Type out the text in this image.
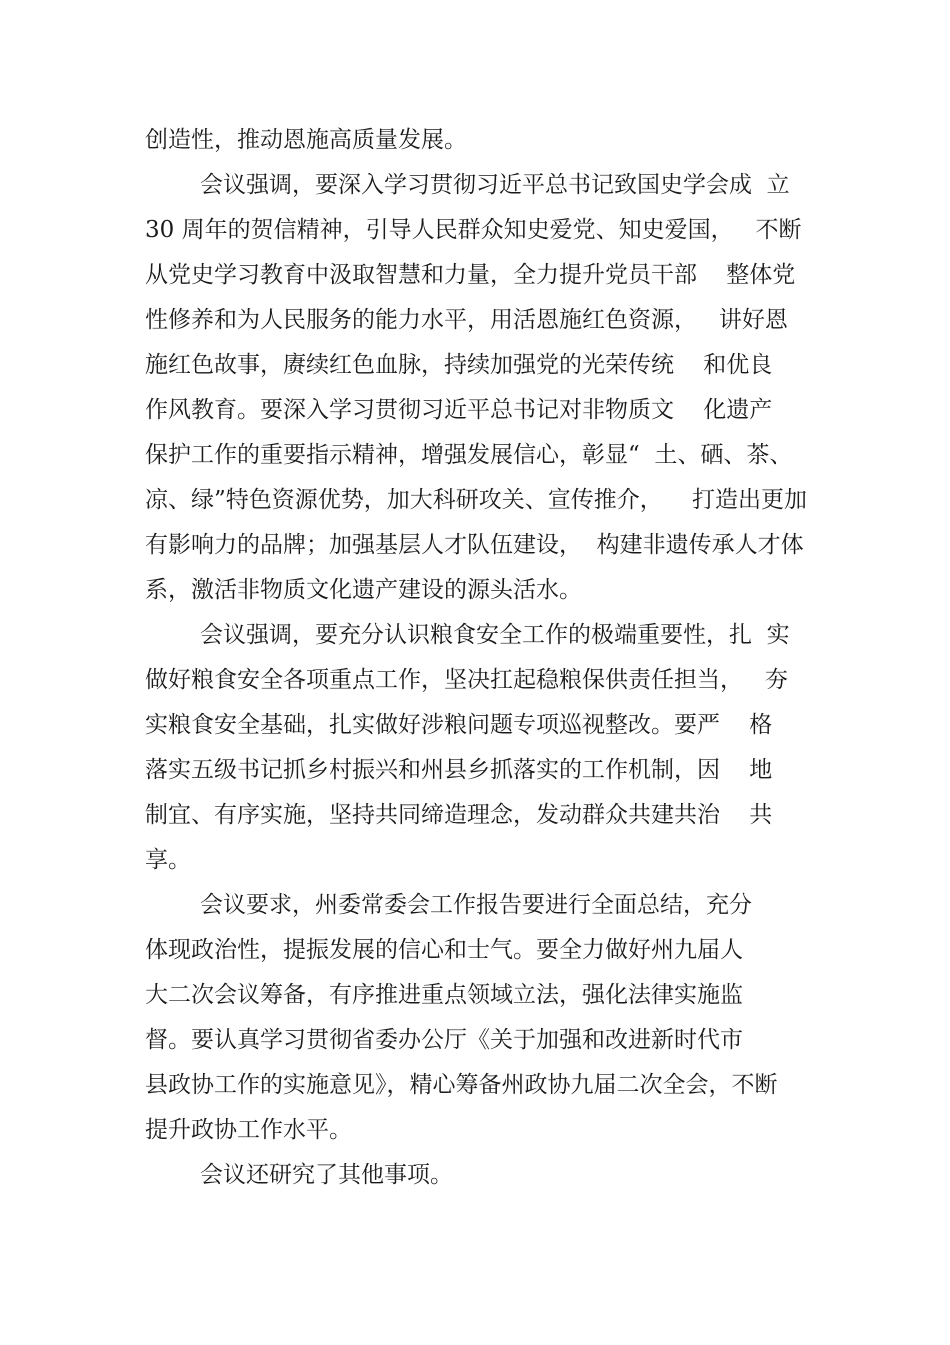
创造性，推动恩施高质量发展。
会议强调，要深入学习贯彻习近平总书记致国史学会成  立
30 周年的贺信精神，引导人民群众知史爱党、知史爱国，   不断
从党史学习教育中汲取智慧和力量，全力提升党员干部    整体党
性修养和为人民服务的能力水平，用活恩施红色资源，   讲好恩
施红色故事，赓续红色血脉，持续加强党的光荣传统    和优良
作风教育。要深入学习贯彻习近平总书记对非物质文    化遗产
保护工作的重要指示精神，增强发展信心，彰显“  土、硒、茶、
凉、绿”特色资源优势，加大科研攻关、宣传推介，    打造出更加
有影响力的品牌；加强基层人才队伍建设，  构建非遗传承人才体
系，激活非物质文化遗产建设的源头活水。
会议强调，要充分认识粮食安全工作的极端重要性，扎  实
做好粮食安全各项重点工作，坚决扛起稳粮保供责任担当，   夯
实粮食安全基础，扎实做好涉粮问题专项巡视整改。要严    格
落实五级书记抓乡村振兴和州县乡抓落实的工作机制，因    地
制宜、有序实施，坚持共同缔造理念，发动群众共建共治    共
享。
会议要求，州委常委会工作报告要进行全面总结，充分
体现政治性，提振发展的信心和士气。要全力做好州九届人
大二次会议筹备，有序推进重点领域立法，强化法律实施监
督。要认真学习贯彻省委办公厅《关于加强和改进新时代市
县政协工作的实施意见》，精心筹备州政协九届二次全会，不断
提升政协工作水平。
会议还研究了其他事项。
